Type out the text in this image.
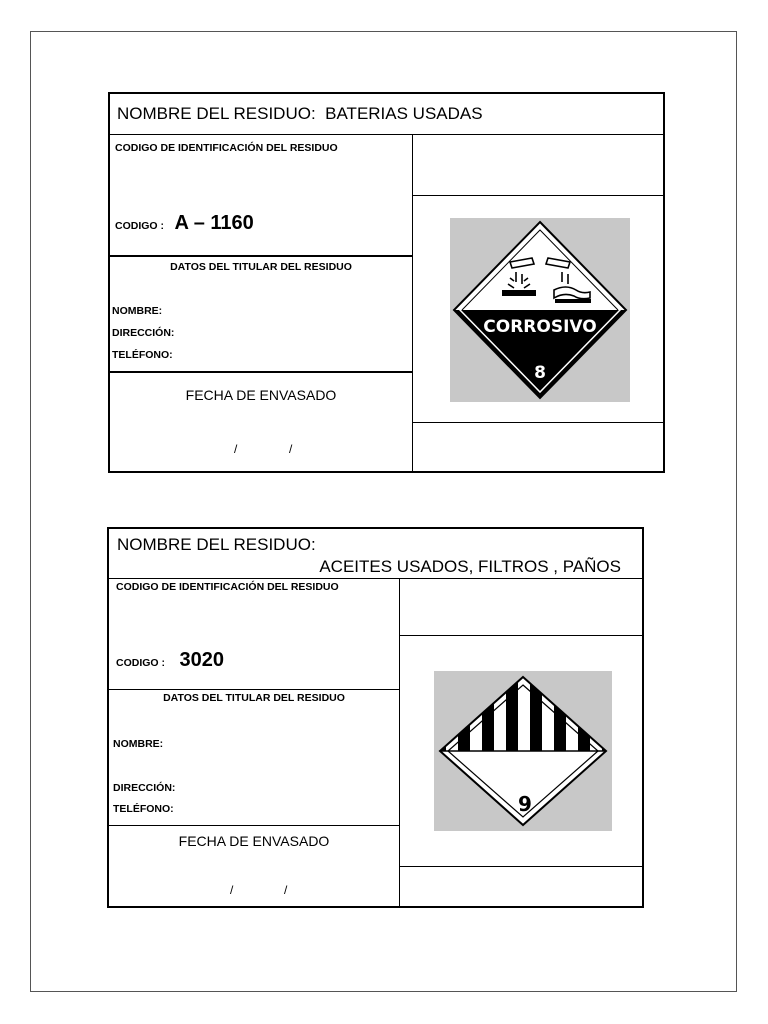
NOMBRE DEL RESIDUO: BATERIAS USADAS
CODIGO DE IDENTIFICACIÓN DEL RESIDUO
CODIGO : A – 1160
DATOS DEL TITULAR DEL RESIDUO
NOMBRE:
DIRECCIÓN:
TELÉFONO:
FECHA DE ENVASADO
/	/
CORROSIVO
8
NOMBRE DEL RESIDUO:
ACEITES USADOS, FILTROS , PAÑOS
CODIGO DE IDENTIFICACIÓN DEL RESIDUO
CODIGO : 3020
DATOS DEL TITULAR DEL RESIDUO
NOMBRE:
DIRECCIÓN:
TELÉFONO:
FECHA DE ENVASADO
/	/
9
